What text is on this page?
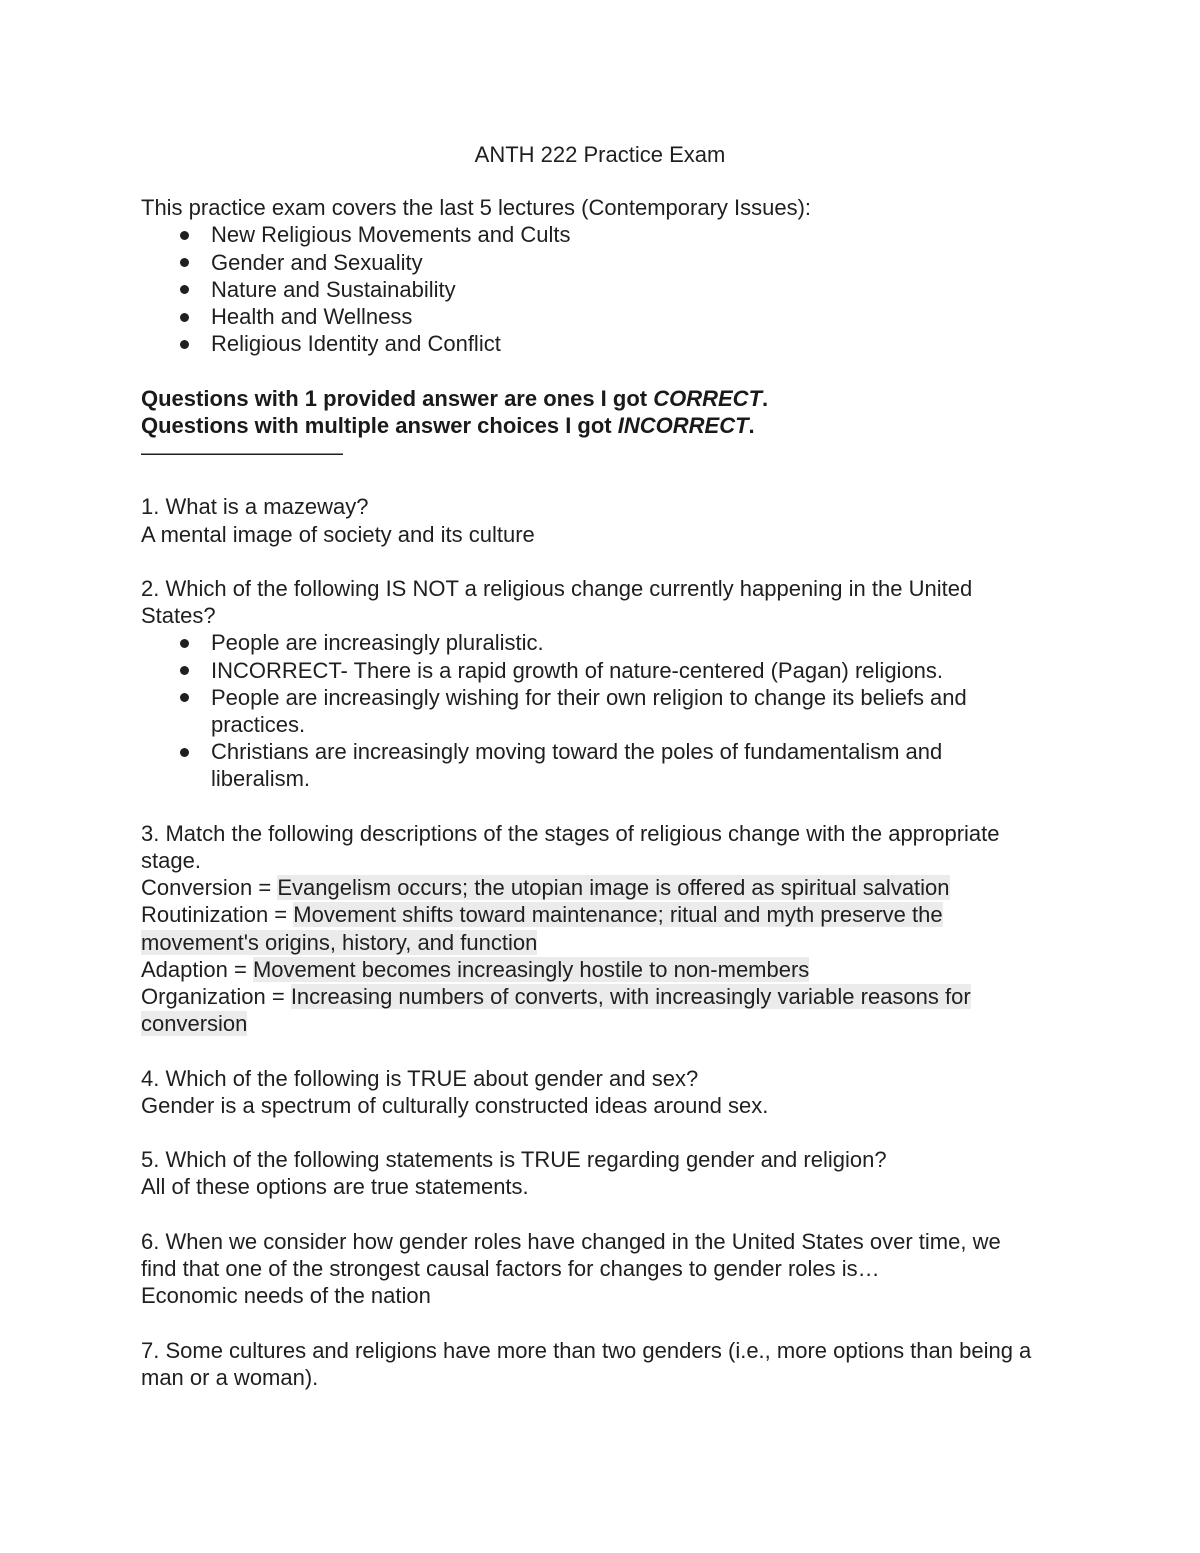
ANTH 222 Practice Exam

This practice exam covers the last 5 lectures (Contemporary Issues):

New Religious Movements and Cults
Gender and Sexuality
Nature and Sustainability
Health and Wellness
Religious Identity and Conflict

Questions with 1 provided answer are ones I got CORRECT.

Questions with multiple answer choices I got INCORRECT.

——————————

1. What is a mazeway?

A mental image of society and its culture

2. Which of the following IS NOT a religious change currently happening in the United States?

People are increasingly pluralistic.
INCORRECT- There is a rapid growth of nature-centered (Pagan) religions.
People are increasingly wishing for their own religion to change its beliefs and practices.
Christians are increasingly moving toward the poles of fundamentalism and liberalism.

3. Match the following descriptions of the stages of religious change with the appropriate stage.

Conversion = Evangelism occurs; the utopian image is offered as spiritual salvation

Routinization = Movement shifts toward maintenance; ritual and myth preserve the movement's origins, history, and function

Adaption = Movement becomes increasingly hostile to non-members

Organization = Increasing numbers of converts, with increasingly variable reasons for conversion

4. Which of the following is TRUE about gender and sex?

Gender is a spectrum of culturally constructed ideas around sex.

5. Which of the following statements is TRUE regarding gender and religion?

All of these options are true statements.

6. When we consider how gender roles have changed in the United States over time, we find that one of the strongest causal factors for changes to gender roles is…

Economic needs of the nation

7. Some cultures and religions have more than two genders (i.e., more options than being a man or a woman).
